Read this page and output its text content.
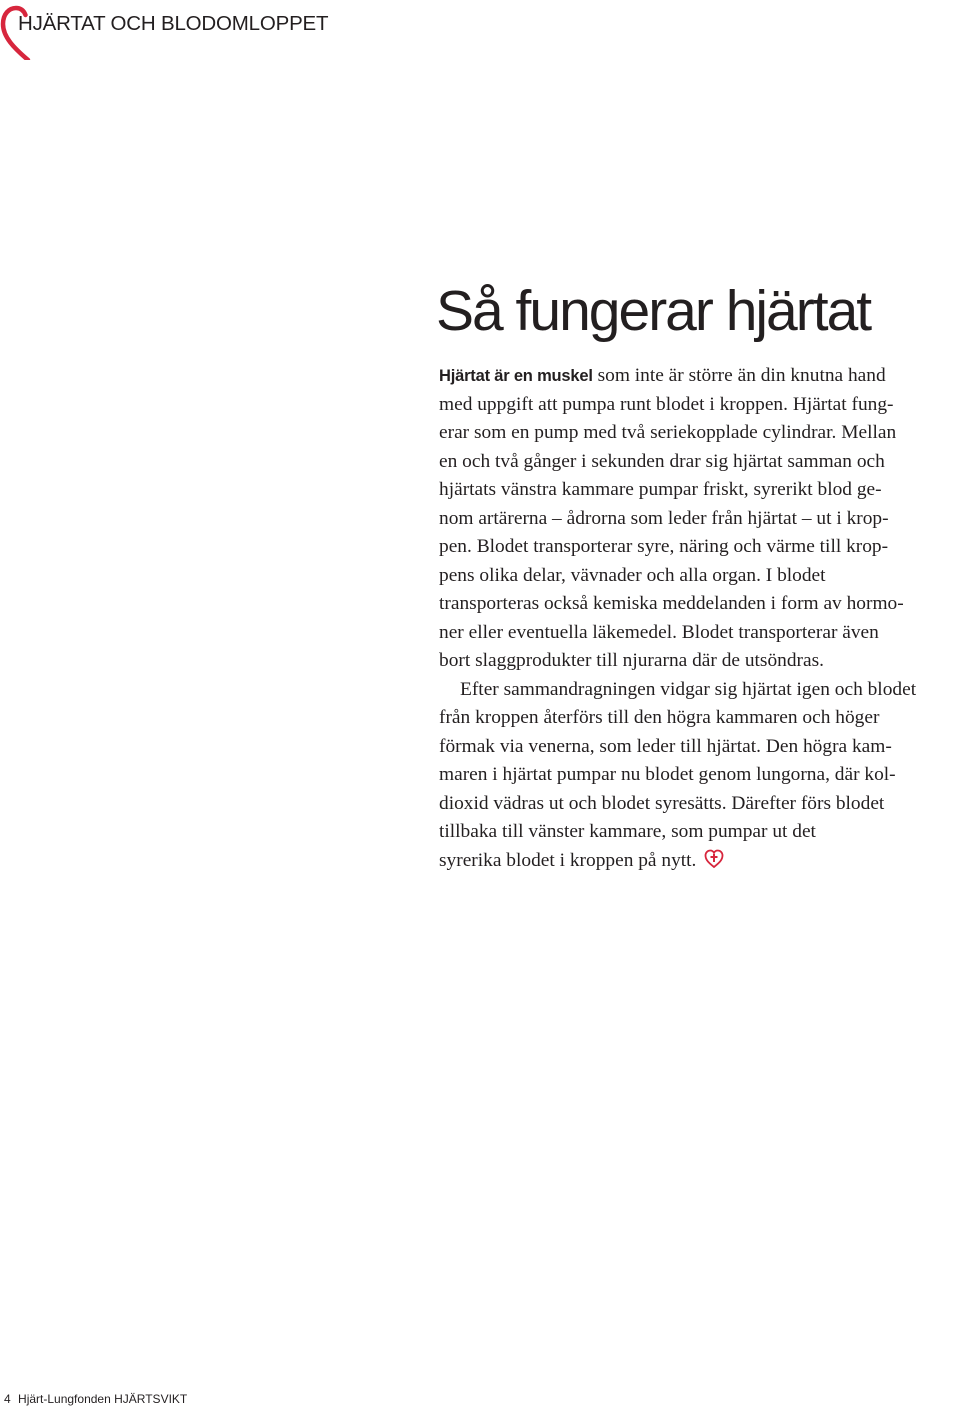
HJÄRTAT OCH BLODOMLOPPET
Så fungerar hjärtat
Hjärtat är en muskel som inte är större än din knutna hand
med uppgift att pumpa runt blodet i kroppen. Hjärtat fung-
erar som en pump med två seriekopplade cylindrar. Mellan
en och två gånger i sekunden drar sig hjärtat samman och
hjärtats vänstra kammare pumpar friskt, syrerikt blod ge-
nom artärerna – ådrorna som leder från hjärtat – ut i krop-
pen. Blodet transporterar syre, näring och värme till krop-
pens olika delar, vävnader och alla organ. I blodet
transporteras också kemiska meddelanden i form av hormo-
ner eller eventuella läkemedel. Blodet transporterar även
bort slaggprodukter till njurarna där de utsöndras.
Efter sammandragningen vidgar sig hjärtat igen och blodet
från kroppen återförs till den högra kammaren och höger
förmak via venerna, som leder till hjärtat. Den högra kam-
maren i hjärtat pumpar nu blodet genom lungorna, där kol-
dioxid vädras ut och blodet syresätts. Därefter förs blodet
tillbaka till vänster kammare, som pumpar ut det
syrerika blodet i kroppen på nytt.
4 Hjärt-Lungfonden HJÄRTSVIKT
